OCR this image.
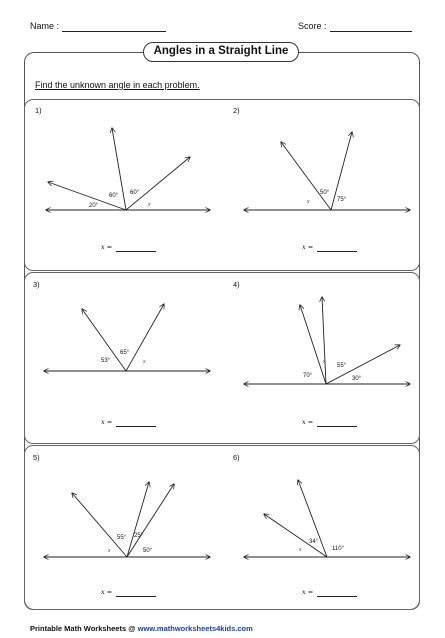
Name :	Score :
Angles in a Straight Line
Find the unknown angle in each problem.
1)
20°
60° 60°
x	x
50°
75°
53°
65°
x
70°
x
55°
30°
x
55° 25°
50°	x
34°
110°
2)
3)	4)
5)	6)
x =	x =
x =	x =
x =	x =
Printable Math Worksheets @ www.mathworksheets4kids.com
